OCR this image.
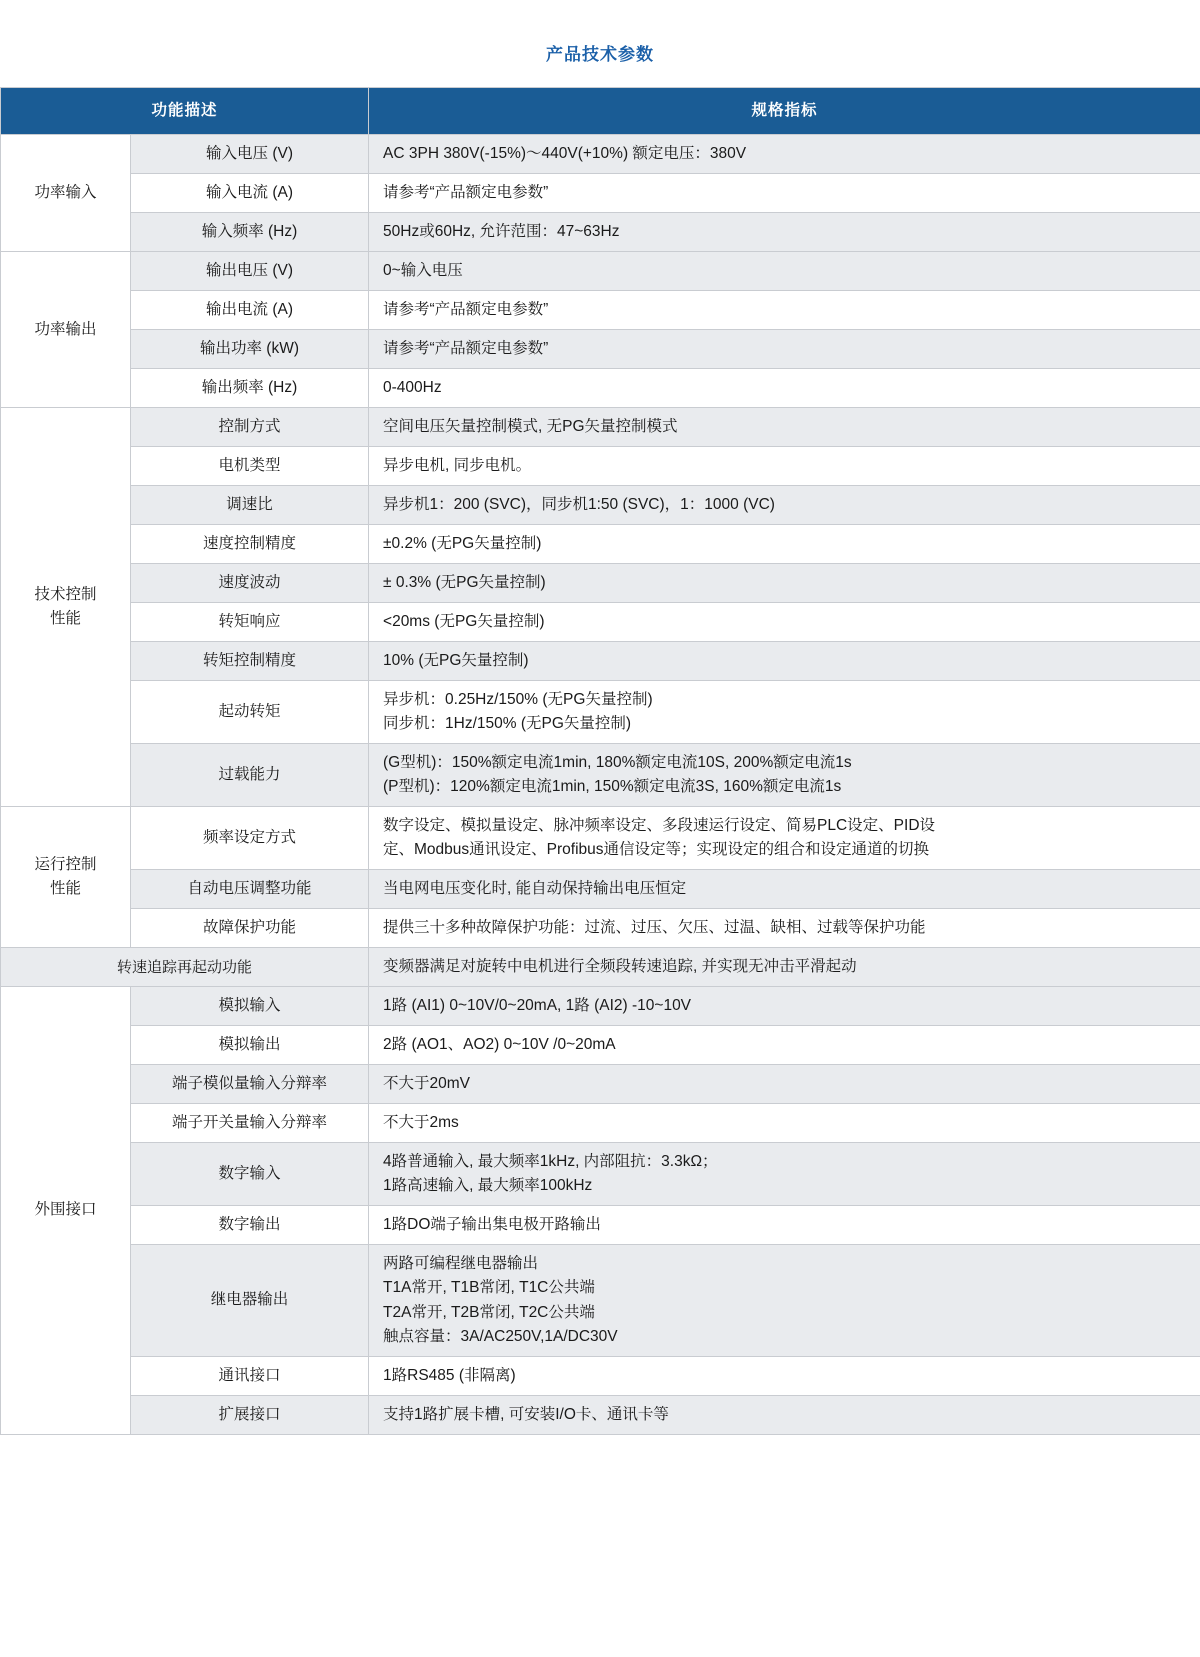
产品技术参数
功能描述		规格指标
功率输入	输入电压 (V)	AC 3PH 380V(-15%)～440V(+10%) 额定电压：380V

	输入电流 (A)	请参考“产品额定电参数”

	输入频率 (Hz)	50Hz或60Hz, 允许范围：47~63Hz

功率输出	输出电压 (V)	0~输入电压

	输出电流 (A)	请参考“产品额定电参数”

	输出功率 (kW)	请参考“产品额定电参数”

	输出频率 (Hz)	0-400Hz

技术控制
性能	控制方式	空间电压矢量控制模式, 无PG矢量控制模式

	电机类型	异步电机, 同步电机。

	调速比	异步机1：200 (SVC)，同步机1:50 (SVC)，1：1000 (VC)

	速度控制精度	±0.2% (无PG矢量控制)

	速度波动	± 0.3% (无PG矢量控制)

	转矩响应	<20ms (无PG矢量控制)

	转矩控制精度	10% (无PG矢量控制)

	起动转矩	异步机：0.25Hz/150% (无PG矢量控制)
同步机：1Hz/150% (无PG矢量控制)

	过载能力	(G型机)：150%额定电流1min, 180%额定电流10S, 200%额定电流1s
(P型机)：120%额定电流1min, 150%额定电流3S, 160%额定电流1s

运行控制
性能	频率设定方式	数字设定、模拟量设定、脉冲频率设定、多段速运行设定、简易PLC设定、PID设
定、Modbus通讯设定、Profibus通信设定等；实现设定的组合和设定通道的切换

	自动电压调整功能	当电网电压变化时, 能自动保持输出电压恒定

	故障保护功能	提供三十多种故障保护功能：过流、过压、欠压、过温、缺相、过载等保护功能

转速追踪再起动功能		变频器满足对旋转中电机进行全频段转速追踪, 并实现无冲击平滑起动

外围接口	模拟输入	1路 (AI1) 0~10V/0~20mA, 1路 (AI2) -10~10V

	模拟输出	2路 (AO1、AO2) 0~10V /0~20mA

	端子模似量输入分辩率	不大于20mV

	端子开关量输入分辩率	不大于2ms

	数字输入	4路普通输入, 最大频率1kHz, 内部阻抗：3.3kΩ；
1路高速输入, 最大频率100kHz

	数字输出	1路DO端子输出集电极开路输出

	继电器输出	两路可编程继电器输出
T1A常开, T1B常闭, T1C公共端
T2A常开, T2B常闭, T2C公共端
触点容量：3A/AC250V,1A/DC30V

	通讯接口	1路RS485 (非隔离)

	扩展接口	支持1路扩展卡槽, 可安装I/O卡、通讯卡等
